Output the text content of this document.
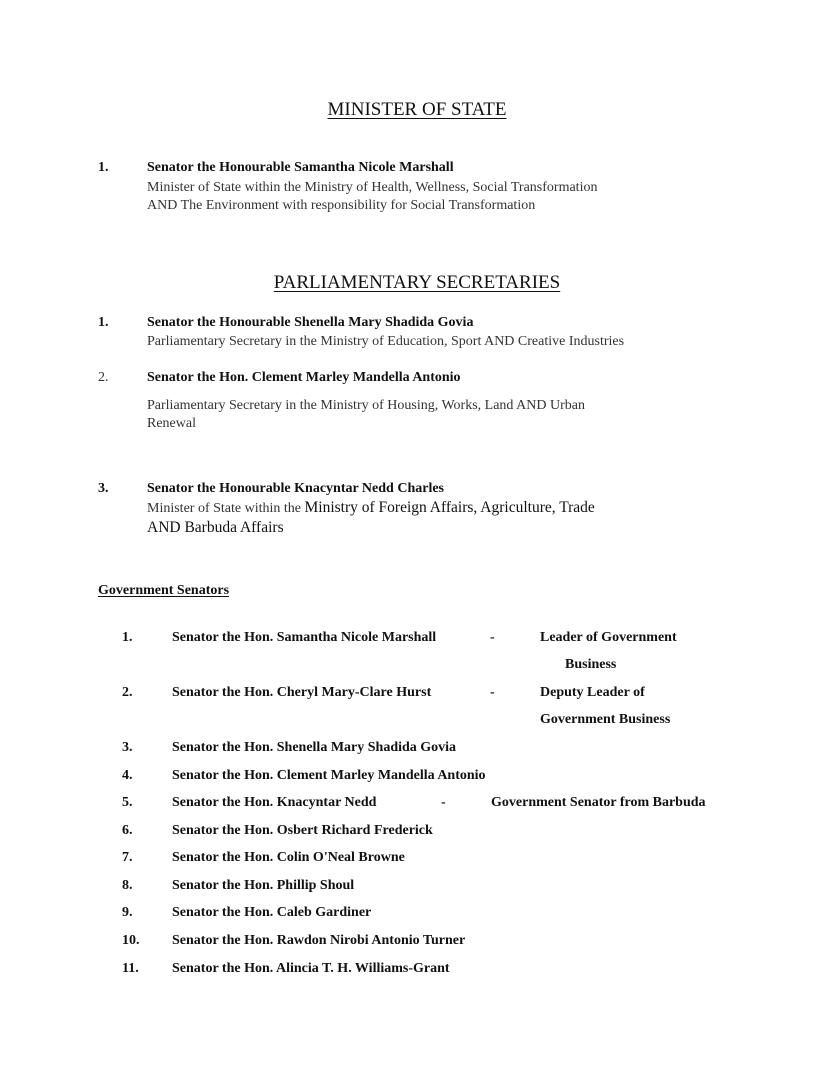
MINISTER OF STATE
1.	Senator the Honourable Samantha Nicole Marshall
Minister of State within the Ministry of Health, Wellness, Social Transformation
AND The Environment with responsibility for Social Transformation
PARLIAMENTARY SECRETARIES
1.	Senator the Honourable Shenella Mary Shadida Govia
Parliamentary Secretary in the Ministry of Education, Sport AND Creative Industries
2.	Senator the Hon. Clement Marley Mandella Antonio
Parliamentary Secretary in the Ministry of Housing, Works, Land AND Urban
Renewal
3.	Senator the Honourable Knacyntar Nedd Charles
Minister of State within the Ministry of Foreign Affairs, Agriculture, Trade
AND Barbuda Affairs
Government Senators
1.	Senator the Hon. Samantha Nicole Marshall	-	Leader of Government
Business
2.	Senator the Hon. Cheryl Mary-Clare Hurst	-	Deputy Leader of
Government Business
3.	Senator the Hon. Shenella Mary Shadida Govia
4.	Senator the Hon. Clement Marley Mandella Antonio
5.	Senator the Hon. Knacyntar Nedd	-	Government Senator from Barbuda
6.	Senator the Hon. Osbert Richard Frederick
7.	Senator the Hon. Colin O'Neal Browne
8.	Senator the Hon. Phillip Shoul
9.	Senator the Hon. Caleb Gardiner
10. Senator the Hon. Rawdon Nirobi Antonio Turner
11. Senator the Hon. Alincia T. H. Williams-Grant
